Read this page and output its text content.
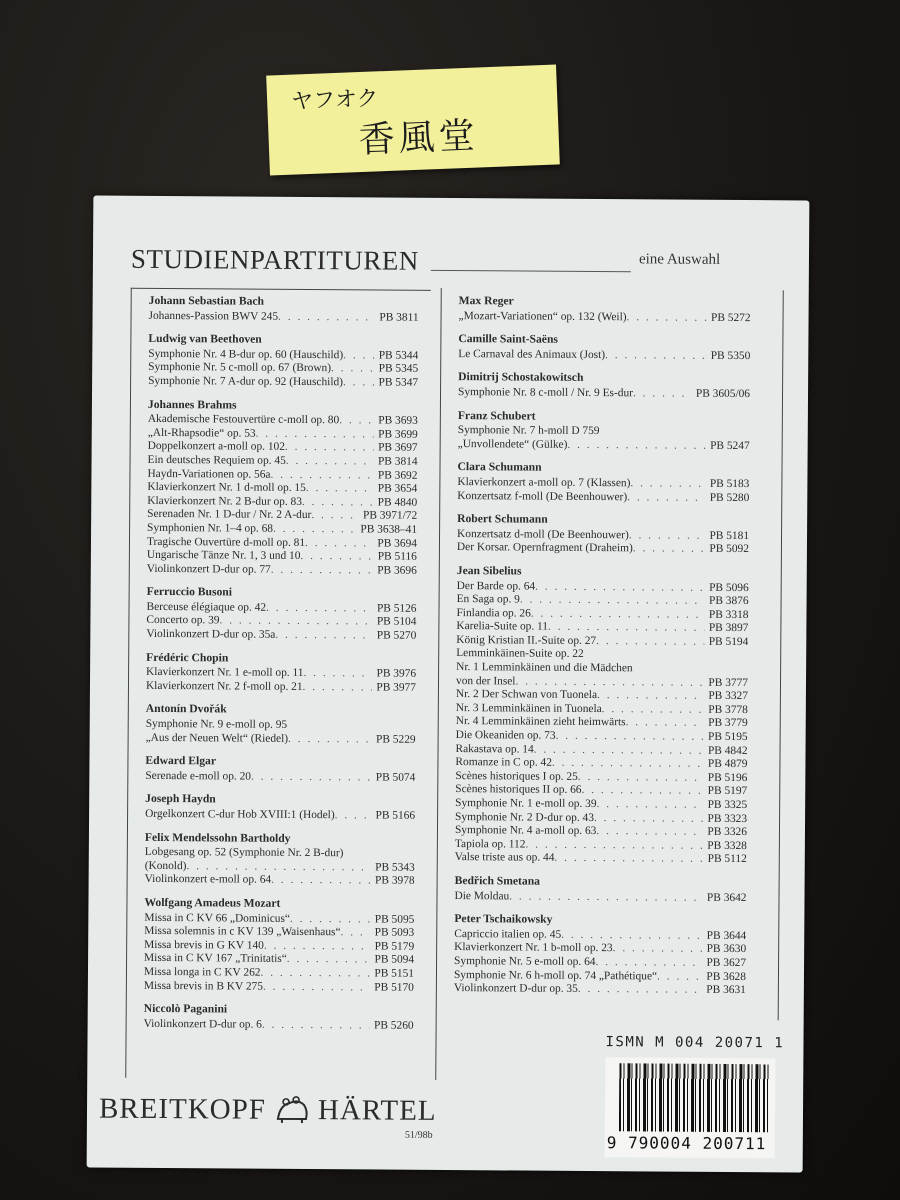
ヤフオク
香風堂
STUDIENPARTITUREN	eine Auswahl
Johann Sebastian Bach
Johannes-Passion BWV 245 . . .	PB 3811
Ludwig van Beethoven
Symphonie Nr. 4 B-dur op. 60 (Hauschild) . . .	PB 5344
Symphonie Nr. 5 c-moll op. 67 (Brown) . . .	PB 5345
Symphonie Nr. 7 A-dur op. 92 (Hauschild) . . .	PB 5347
Johannes Brahms
Akademische Festouvertüre c-moll op. 80 . . .	PB 3693
„Alt-Rhapsodie“ op. 53 . . .	PB 3699
Doppelkonzert a-moll op. 102 . . .	PB 3697
Ein deutsches Requiem op. 45 . . .	PB 3814
Haydn-Variationen op. 56a . . .	PB 3692
Klavierkonzert Nr. 1 d-moll op. 15 . . .	PB 3654
Klavierkonzert Nr. 2 B-dur op. 83 . . .	PB 4840
Serenaden Nr. 1 D-dur / Nr. 2 A-dur . . .	PB 3971/72
Symphonien Nr. 1–4 op. 68 . . .	PB 3638–41
Tragische Ouvertüre d-moll op. 81 . . .	PB 3694
Ungarische Tänze Nr. 1, 3 und 10 . . .	PB 5116
Violinkonzert D-dur op. 77 . . .	PB 3696
Ferruccio Busoni
Berceuse élégiaque op. 42 . . .	PB 5126
Concerto op. 39 . . .	PB 5104
Violinkonzert D-dur op. 35a . . .	PB 5270
Frédéric Chopin
Klavierkonzert Nr. 1 e-moll op. 11 . . .	PB 3976
Klavierkonzert Nr. 2 f-moll op. 21 . . .	PB 3977
Antonín Dvořák
Symphonie Nr. 9 e-moll op. 95
„Aus der Neuen Welt“ (Riedel) . . .	PB 5229
Edward Elgar
Serenade e-moll op. 20 . . .	PB 5074
Joseph Haydn
Orgelkonzert C-dur Hob XVIII:1 (Hodel) . . .	PB 5166
Felix Mendelssohn Bartholdy
Lobgesang op. 52 (Symphonie Nr. 2 B-dur)
(Konold) . . .	PB 5343
Violinkonzert e-moll op. 64 . . .	PB 3978
Wolfgang Amadeus Mozart
Missa in C KV 66 „Dominicus“ . . .	PB 5095
Missa solemnis in c KV 139 „Waisenhaus“ . . .	PB 5093
Missa brevis in G KV 140 . . .	PB 5179
Missa in C KV 167 „Trinitatis“ . . .	PB 5094
Missa longa in C KV 262 . . .	PB 5151
Missa brevis in B KV 275 . . .	PB 5170
Niccolò Paganini
Violinkonzert D-dur op. 6 . . .	PB 5260
Max Reger
„Mozart-Variationen“ op. 132 (Weil) . . .	PB 5272
Camille Saint-Saëns
Le Carnaval des Animaux (Jost) . . .	PB 5350
Dimitrij Schostakowitsch
Symphonie Nr. 8 c-moll / Nr. 9 Es-dur . . .	PB 3605/06
Franz Schubert
Symphonie Nr. 7 h-moll D 759
„Unvollendete“ (Gülke) . . .	PB 5247
Clara Schumann
Klavierkonzert a-moll op. 7 (Klassen) . . .	PB 5183
Konzertsatz f-moll (De Beenhouwer) . . .	PB 5280
Robert Schumann
Konzertsatz d-moll (De Beenhouwer) . . .	PB 5181
Der Korsar. Opernfragment (Draheim) . . .	PB 5092
Jean Sibelius
Der Barde op. 64 . . .	PB 5096
En Saga op. 9 . . .	PB 3876
Finlandia op. 26 . . .	PB 3318
Karelia-Suite op. 11 . . .	PB 3897
König Kristian II.-Suite op. 27 . . .	PB 5194
Lemminkäinen-Suite op. 22
Nr. 1 Lemminkäinen und die Mädchen
von der Insel . . .	PB 3777
Nr. 2 Der Schwan von Tuonela . . .	PB 3327
Nr. 3 Lemminkäinen in Tuonela . . .	PB 3778
Nr. 4 Lemminkäinen zieht heimwärts . . .	PB 3779
Die Okeaniden op. 73 . . .	PB 5195
Rakastava op. 14 . . .	PB 4842
Romanze in C op. 42 . . .	PB 4879
Scènes historiques I op. 25 . . .	PB 5196
Scènes historiques II op. 66 . . .	PB 5197
Symphonie Nr. 1 e-moll op. 39 . . .	PB 3325
Symphonie Nr. 2 D-dur op. 43 . . .	PB 3323
Symphonie Nr. 4 a-moll op. 63 . . .	PB 3326
Tapiola op. 112 . . .	PB 3328
Valse triste aus op. 44 . . .	PB 5112
Bedřich Smetana
Die Moldau . . .	PB 3642
Peter Tschaikowsky
Capriccio italien op. 45 . . .	PB 3644
Klavierkonzert Nr. 1 b-moll op. 23 . . .	PB 3630
Symphonie Nr. 5 e-moll op. 64 . . .	PB 3627
Symphonie Nr. 6 h-moll op. 74 „Pathétique“ . . .	PB 3628
Violinkonzert D-dur op. 35 . . .	PB 3631
ISMN M 004 20071 1
9 790004 200711
BREITKOPF HÄRTEL
51/98b
